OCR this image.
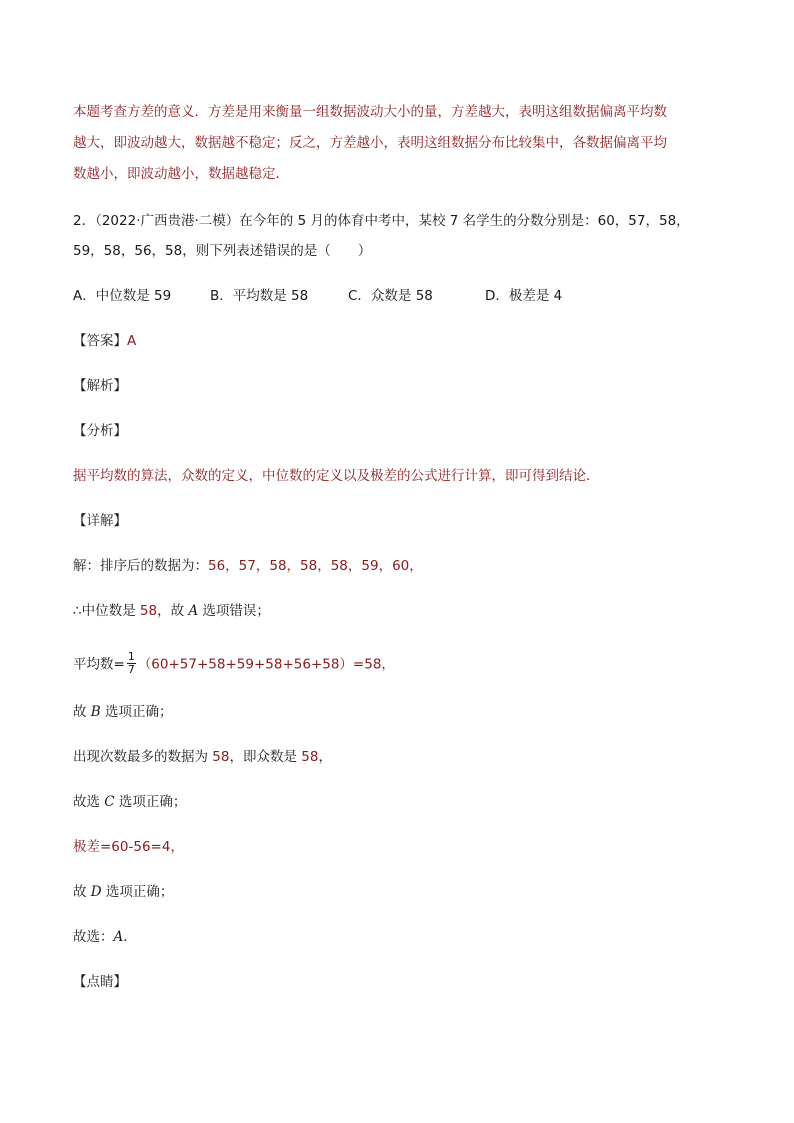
本题考查方差的意义．方差是用来衡量一组数据波动大小的量，方差越大，表明这组数据偏离平均数
越大，即波动越大，数据越不稳定；反之，方差越小，表明这组数据分布比较集中，各数据偏离平均
数越小，即波动越小，数据越稳定．
2．（2022·广西贵港·二模）在今年的 5 月的体育中考中，某校 7 名学生的分数分别是：60，57，58，
59，58，56，58，则下列表述错误的是（　　）
A．中位数是 59	B．平均数是 58	C．众数是 58	D．极差是 4
【答案】A
【解析】
【分析】
据平均数的算法，众数的定义，中位数的定义以及极差的公式进行计算，即可得到结论．
【详解】
解：排序后的数据为：56，57，58，58，58，59，60，
∴中位数是 58，故 A 选项错误；
平均数= $\frac{1}{7} (60+57+58+59+58+56+58)=58$，
故 B 选项正确；
出现次数最多的数据为 58，即众数是 58，
故选 C 选项正确；
极差=60-56=4，
故 D 选项正确；
故选：A．
【点睛】
